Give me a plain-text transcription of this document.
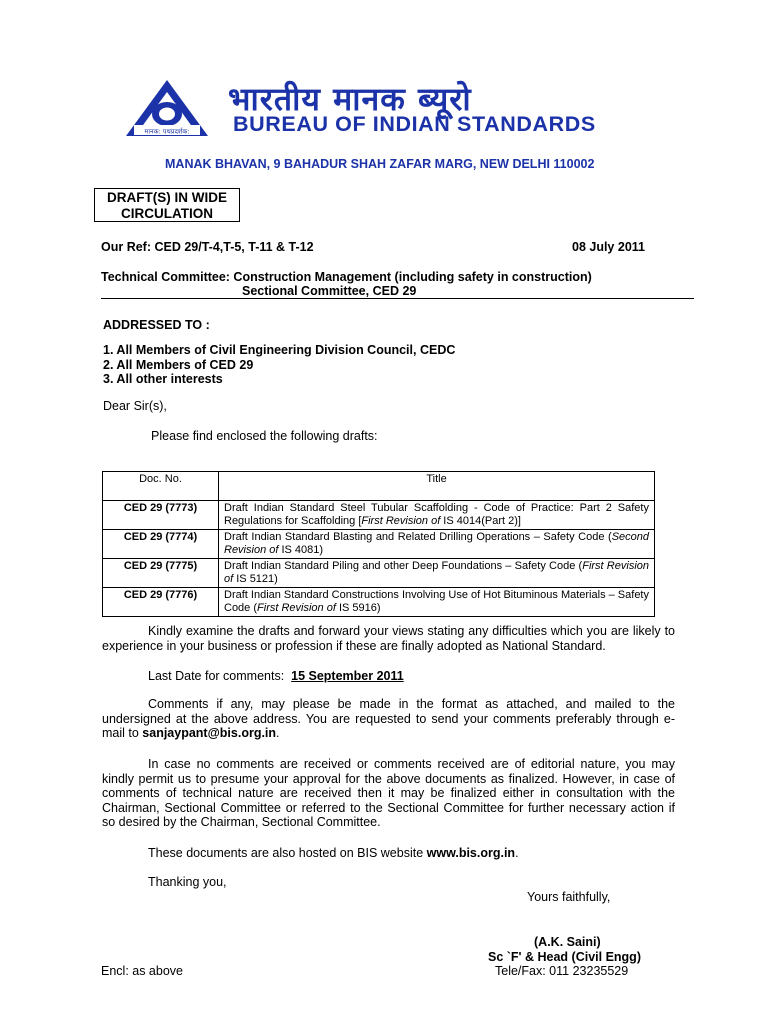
मानक: पथप्रदर्शक:
भारतीय मानक ब्यूरो
BUREAU OF INDIAN STANDARDS
MANAK BHAVAN, 9 BAHADUR SHAH ZAFAR MARG, NEW DELHI 110002
DRAFT(S) IN WIDE
CIRCULATION
Our Ref: CED 29/T-4,T-5, T-11 & T-12	08 July 2011
Technical Committee: Construction Management (including safety in construction)
Sectional Committee, CED 29
ADDRESSED TO :
1. All Members of Civil Engineering Division Council, CEDC
2. All Members of CED 29
3. All other interests
Dear Sir(s),
Please find enclosed the following drafts:
Doc. No.	Title
CED 29 (7773)	Draft Indian Standard Steel Tubular Scaffolding - Code of Practice: Part 2 Safety Regulations for Scaffolding [First Revision of IS 4014(Part 2)]
CED 29 (7774)	Draft Indian Standard Blasting and Related Drilling Operations – Safety Code (Second Revision of IS 4081)
CED 29 (7775)	Draft Indian Standard Piling and other Deep Foundations – Safety Code (First Revision of IS 5121)
CED 29 (7776)	Draft Indian Standard Constructions Involving Use of Hot Bituminous Materials – Safety Code (First Revision of IS 5916)
Kindly examine the drafts and forward your views stating any difficulties which you are likely to experience in your business or profession if these are finally adopted as National Standard.
Last Date for comments: 15 September 2011
Comments if any, may please be made in the format as attached, and mailed to the undersigned at the above address. You are requested to send your comments preferably through e-mail to sanjaypant@bis.org.in.
In case no comments are received or comments received are of editorial nature, you may kindly permit us to presume your approval for the above documents as finalized. However, in case of comments of technical nature are received then it may be finalized either in consultation with the Chairman, Sectional Committee or referred to the Sectional Committee for further necessary action if so desired by the Chairman, Sectional Committee.
These documents are also hosted on BIS website www.bis.org.in.
Thanking you,
Yours faithfully,
(A.K. Saini)
Sc `F' & Head (Civil Engg)
Tele/Fax: 011 23235529
Encl: as above
